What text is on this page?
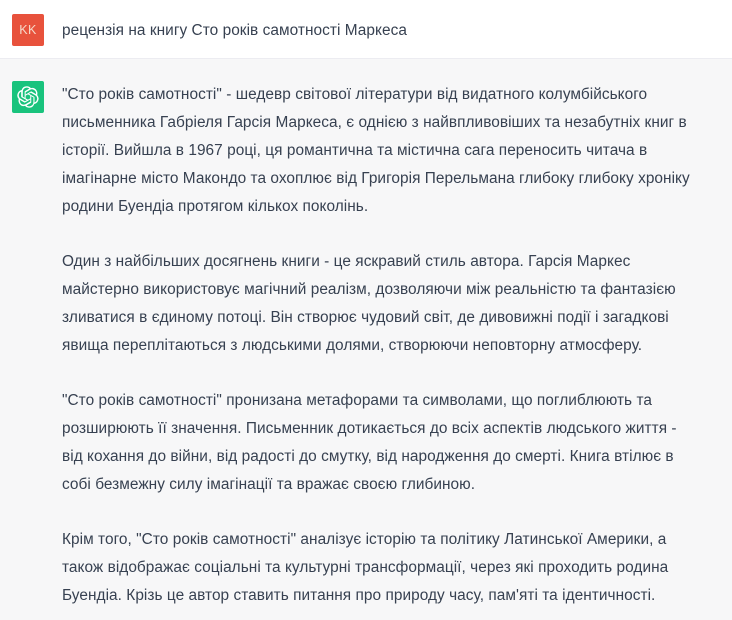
KK рецензія на книгу Сто років самотності Маркеса

"Сто років самотності" - шедевр світової літератури від видатного колумбійського письменника Габріеля Гарсія Маркеса, є однією з найвпливовіших та незабутніх книг в історії. Вийшла в 1967 році, ця романтична та містична сага переносить читача в імагінарне місто Макондо та охоплює від Григорія Перельмана глибоку глибоку хроніку родини Буендіа протягом кількох поколінь.

Один з найбільших досягнень книги - це яскравий стиль автора. Гарсія Маркес майстерно використовує магічний реалізм, дозволяючи між реальністю та фантазією зливатися в єдиному потоці. Він створює чудовий світ, де дивовижні події і загадкові явища переплітаються з людськими долями, створюючи неповторну атмосферу.

"Сто років самотності" пронизана метафорами та символами, що поглиблюють та розширюють її значення. Письменник дотикається до всіх аспектів людського життя - від кохання до війни, від радості до смутку, від народження до смерті. Книга втілює в собі безмежну силу імагінації та вражає своєю глибиною.

Крім того, "Сто років самотності" аналізує історію та політику Латинської Америки, а також відображає соціальні та культурні трансформації, через які проходить родина Буендіа. Крізь це автор ставить питання про природу часу, пам'яті та ідентичності.
